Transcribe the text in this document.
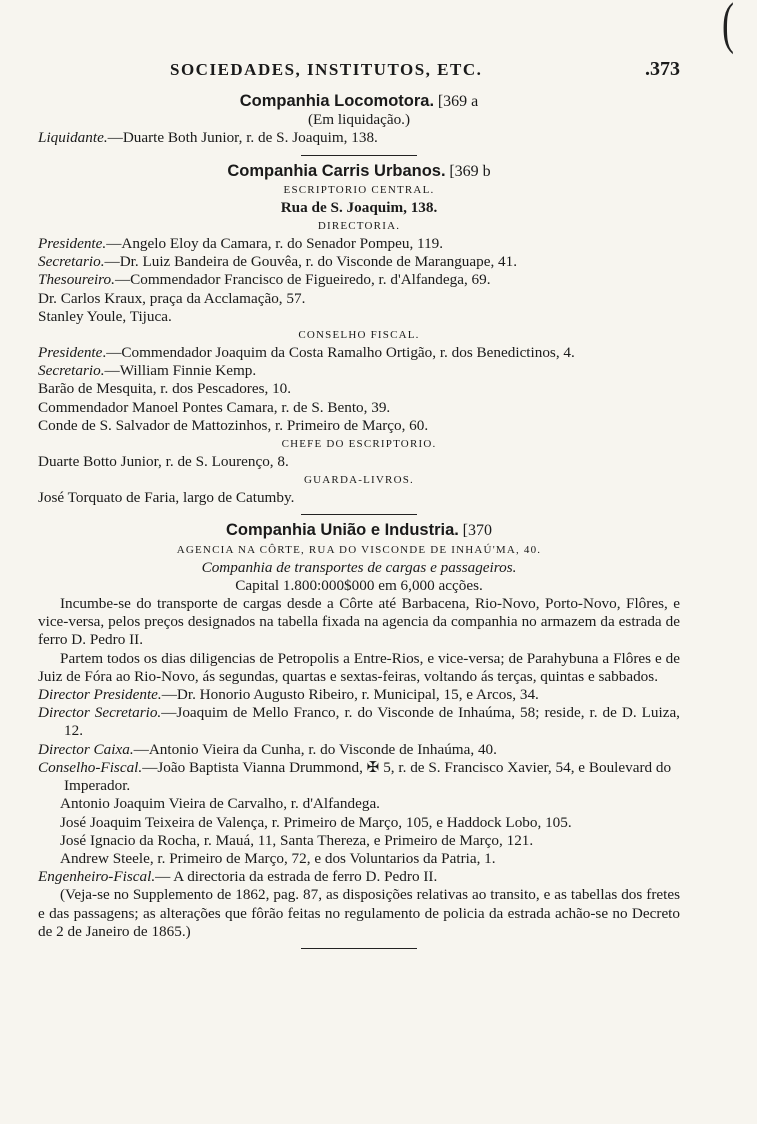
(
SOCIEDADES, INSTITUTOS, ETC.	.373
Companhia Locomotora. [369 a
(Em liquidação.)

Liquidante.—Duarte Both Junior, r. de S. Joaquim, 138.

Companhia Carris Urbanos. [369 b
ESCRIPTORIO CENTRAL.
Rua de S. Joaquim, 138.
DIRECTORIA.

Presidente.—Angelo Eloy da Camara, r. do Senador Pompeu, 119.

Secretario.—Dr. Luiz Bandeira de Gouvêa, r. do Visconde de Maranguape, 41.

Thesoureiro.—Commendador Francisco de Figueiredo, r. d'Alfandega, 69.

Dr. Carlos Kraux, praça da Acclamação, 57.

Stanley Youle, Tijuca.

CONSELHO FISCAL.

Presidente.—Commendador Joaquim da Costa Ramalho Ortigão, r. dos Benedictinos, 4.

Secretario.—William Finnie Kemp.

Barão de Mesquita, r. dos Pescadores, 10.

Commendador Manoel Pontes Camara, r. de S. Bento, 39.

Conde de S. Salvador de Mattozinhos, r. Primeiro de Março, 60.

CHEFE DO ESCRIPTORIO.

Duarte Botto Junior, r. de S. Lourenço, 8.

GUARDA-LIVROS.

José Torquato de Faria, largo de Catumby.

Companhia União e Industria. [370
AGENCIA NA CÔRTE, RUA DO VISCONDE DE INHAÚ'MA, 40.
Companhia de transportes de cargas e passageiros.
Capital 1.800:000$000 em 6,000 acções.

Incumbe-se do transporte de cargas desde a Côrte até Barbacena, Rio-Novo, Porto-Novo, Flôres, e vice-versa, pelos preços designados na tabella fixada na agencia da companhia no armazem da estrada de ferro D. Pedro II.

Partem todos os dias diligencias de Petropolis a Entre-Rios, e vice-versa; de Parahybuna a Flôres e de Juiz de Fóra ao Rio-Novo, ás segundas, quartas e sextas-feiras, voltando ás terças, quintas e sabbados.

Director Presidente.—Dr. Honorio Augusto Ribeiro, r. Municipal, 15, e Arcos, 34.

Director Secretario.—Joaquim de Mello Franco, r. do Visconde de Inhaúma, 58; reside, r. de D. Luiza, 12.

Director Caixa.—Antonio Vieira da Cunha, r. do Visconde de Inhaúma, 40.

Conselho-Fiscal.—João Baptista Vianna Drummond, ✠ 5, r. de S. Francisco Xavier, 54, e Boulevard do Imperador.

Antonio Joaquim Vieira de Carvalho, r. d'Alfandega.

José Joaquim Teixeira de Valença, r. Primeiro de Março, 105, e Haddock Lobo, 105.

José Ignacio da Rocha, r. Mauá, 11, Santa Thereza, e Primeiro de Março, 121.

Andrew Steele, r. Primeiro de Março, 72, e dos Voluntarios da Patria, 1.

Engenheiro-Fiscal.— A directoria da estrada de ferro D. Pedro II.

(Veja-se no Supplemento de 1862, pag. 87, as disposições relativas ao transito, e as tabellas dos fretes e das passagens; as alterações que fôrão feitas no regulamento de policia da estrada achão-se no Decreto de 2 de Janeiro de 1865.)
